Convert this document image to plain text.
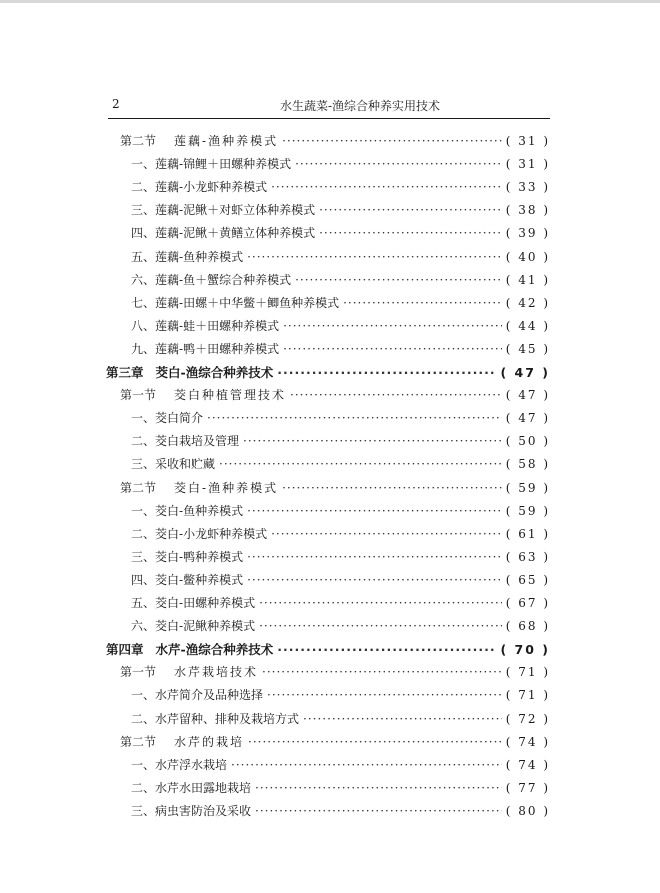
2	水生蔬菜-渔综合种养实用技术
第二节 莲藕-渔种养模式 ·····	( 31 )
一、 莲藕-锦鲤＋田螺种养模式 ·····	( 31 )
二、 莲藕-小龙虾种养模式 ·····	( 33 )
三、 莲藕-泥鳅＋对虾立体种养模式 ·····	( 38 )
四、 莲藕-泥鳅＋黄鳝立体种养模式 ·····	( 39 )
五、 莲藕-鱼种养模式 ·····	( 40 )
六、 莲藕-鱼＋蟹综合种养模式 ·····	( 41 )
七、 莲藕-田螺＋中华鳖＋鲫鱼种养模式 ·····	( 42 )
八、 莲藕-蛙＋田螺种养模式 ·····	( 44 )
九、 莲藕-鸭＋田螺种养模式 ·····	( 45 )
第三章 茭白-渔综合种养技术 ·····	( 47 )
第一节 茭白种植管理技术 ·····	( 47 )
一、 茭白简介 ·····	( 47 )
二、 茭白栽培及管理 ·····	( 50 )
三、 采收和贮藏 ·····	( 58 )
第二节 茭白-渔种养模式 ·····	( 59 )
一、 茭白-鱼种养模式 ·····	( 59 )
二、 茭白-小龙虾种养模式 ·····	( 61 )
三、 茭白-鸭种养模式 ·····	( 63 )
四、 茭白-鳖种养模式 ·····	( 65 )
五、 茭白-田螺种养模式 ·····	( 67 )
六、 茭白-泥鳅种养模式 ·····	( 68 )
第四章 水芹-渔综合种养技术 ·····	( 70 )
第一节 水芹栽培技术 ·····	( 71 )
一、 水芹简介及品种选择 ·····	( 71 )
二、 水芹留种、排种及栽培方式 ·····	( 72 )
第二节 水芹的栽培 ·····	( 74 )
一、 水芹浮水栽培 ·····	( 74 )
二、 水芹水田露地栽培 ·····	( 77 )
三、 病虫害防治及采收 ·····	( 80 )
